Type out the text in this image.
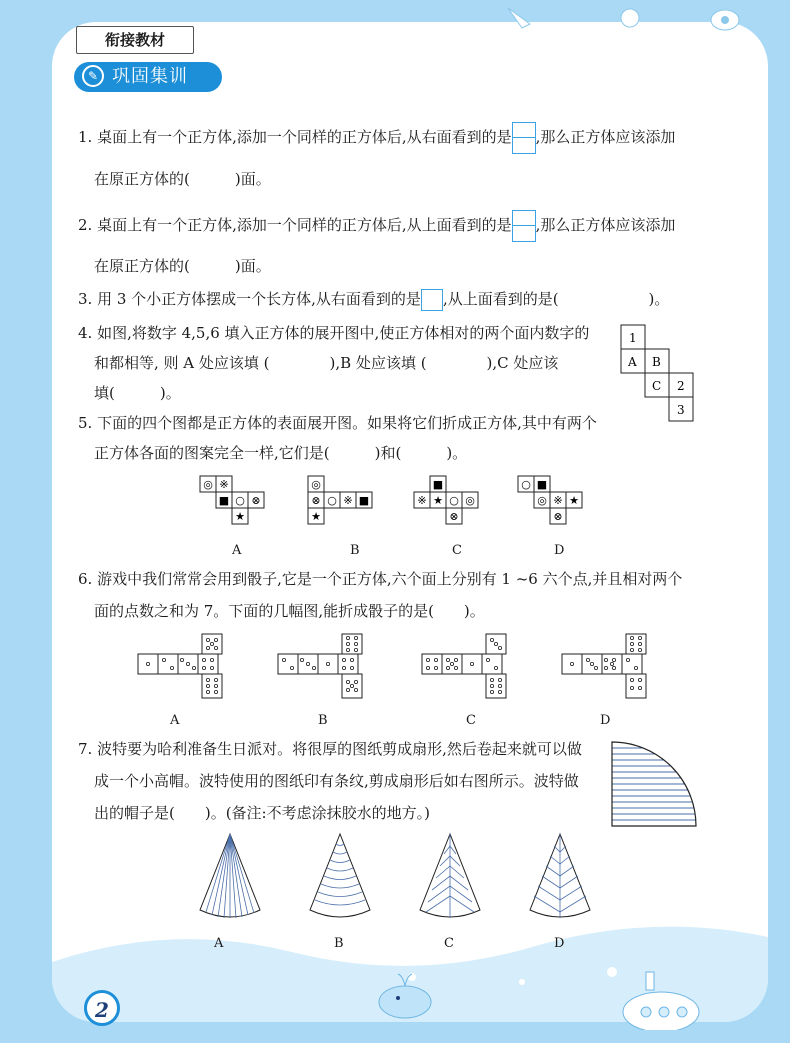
衔接教材
✎ 巩固集训
1. 桌面上有一个正方体,添加一个同样的正方体后,从右面看到的是 ,那么正方体应该添加
在原正方体的(　　　)面。
2. 桌面上有一个正方体,添加一个同样的正方体后,从上面看到的是 ,那么正方体应该添加
在原正方体的(　　　)面。
3. 用 3 个小正方体摆成一个长方体,从右面看到的是 ,从上面看到的是(　　　　　　)。
4. 如图,将数字 4,5,6 填入正方体的展开图中,使正方体相对的两个面内数字的
和都相等, 则 A 处应该填 (　　　　),B 处应该填 (　　　　),C 处应该
填(　　　)。
1
A B
C 2
3
5. 下面的四个图都是正方体的表面展开图。如果将它们折成正方体,其中有两个
正方体各面的图案完全一样,它们是(　　　)和(　　　)。
◎ ※
■ ○ ⊗
★
◎
⊗ ○ ※ ■
★
■
※ ★ ○ ◎
⊗
○ ■
◎ ※ ★
⊗
A	B	C	D
6. 游戏中我们常常会用到骰子,它是一个正方体,六个面上分别有 1 ~6 六个点,并且相对两个
面的点数之和为 7。下面的几幅图,能折成骰子的是(　　)。
A	B	C	D
7. 波特要为哈利准备生日派对。将很厚的图纸剪成扇形,然后卷起来就可以做
成一个小高帽。波特使用的图纸印有条纹,剪成扇形后如右图所示。波特做
出的帽子是(　　)。(备注:不考虑涂抹胶水的地方。)
A	B	C	D
2
